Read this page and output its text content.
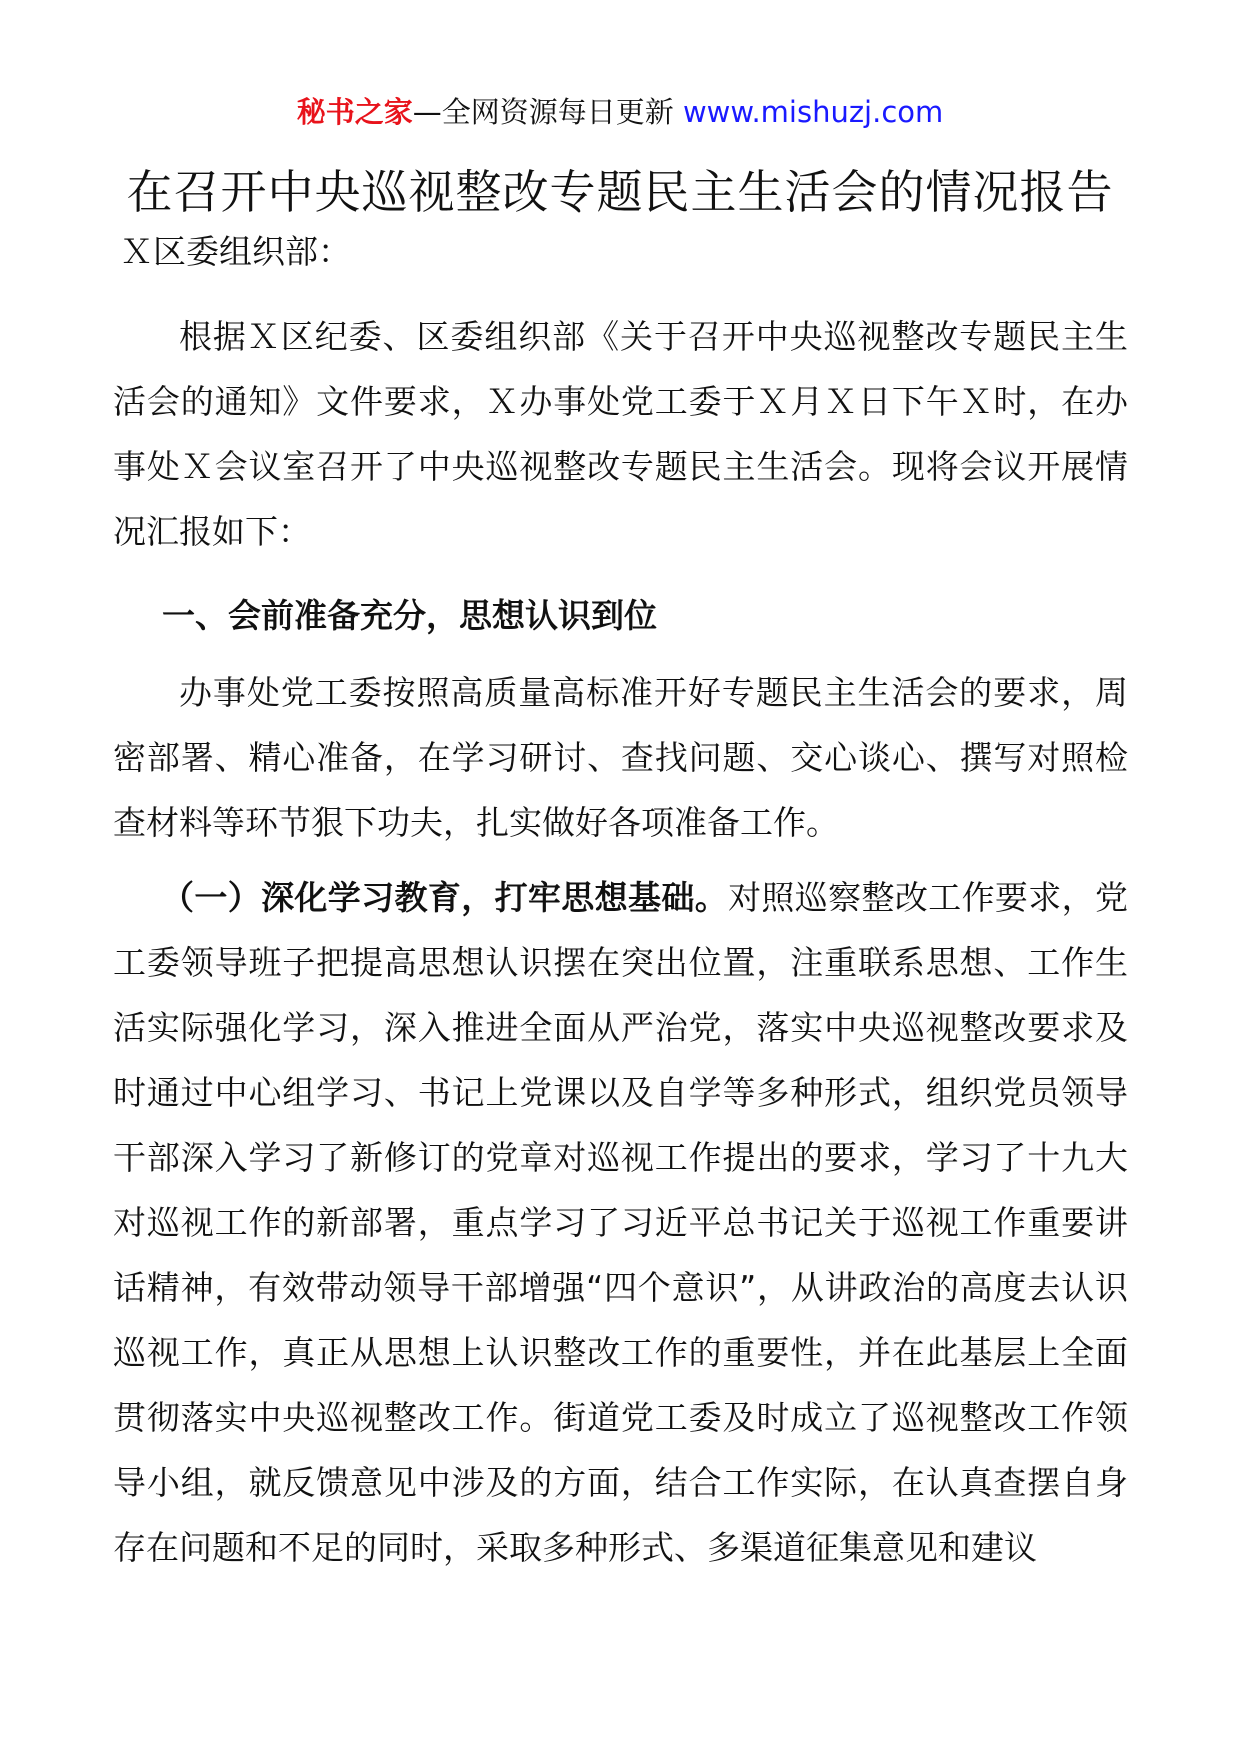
秘书之家—全网资源每日更新 www.mishuzj.com
在召开中央巡视整改专题民主生活会的情况报告
Ｘ区委组织部：
根据Ｘ区纪委、区委组织部《关于召开中央巡视整改专题民主生活会的通知》文件要求，Ｘ办事处党工委于Ｘ月Ｘ日下午Ｘ时，在办事处Ｘ会议室召开了中央巡视整改专题民主生活会。现将会议开展情况汇报如下：
一、会前准备充分，思想认识到位
办事处党工委按照高质量高标准开好专题民主生活会的要求，周密部署、精心准备，在学习研讨、查找问题、交心谈心、撰写对照检查材料等环节狠下功夫，扎实做好各项准备工作。
（一）深化学习教育，打牢思想基础。对照巡察整改工作要求，党工委领导班子把提高思想认识摆在突出位置，注重联系思想、工作生活实际强化学习，深入推进全面从严治党，落实中央巡视整改要求及时通过中心组学习、书记上党课以及自学等多种形式，组织党员领导干部深入学习了新修订的党章对巡视工作提出的要求，学习了十九大对巡视工作的新部署，重点学习了习近平总书记关于巡视工作重要讲话精神，有效带动领导干部增强“四个意识”，从讲政治的高度去认识巡视工作，真正从思想上认识整改工作的重要性，并在此基层上全面贯彻落实中央巡视整改工作。街道党工委及时成立了巡视整改工作领导小组，就反馈意见中涉及的方面，结合工作实际，在认真查摆自身存在问题和不足的同时，采取多种形式、多渠道征集意见和建议
